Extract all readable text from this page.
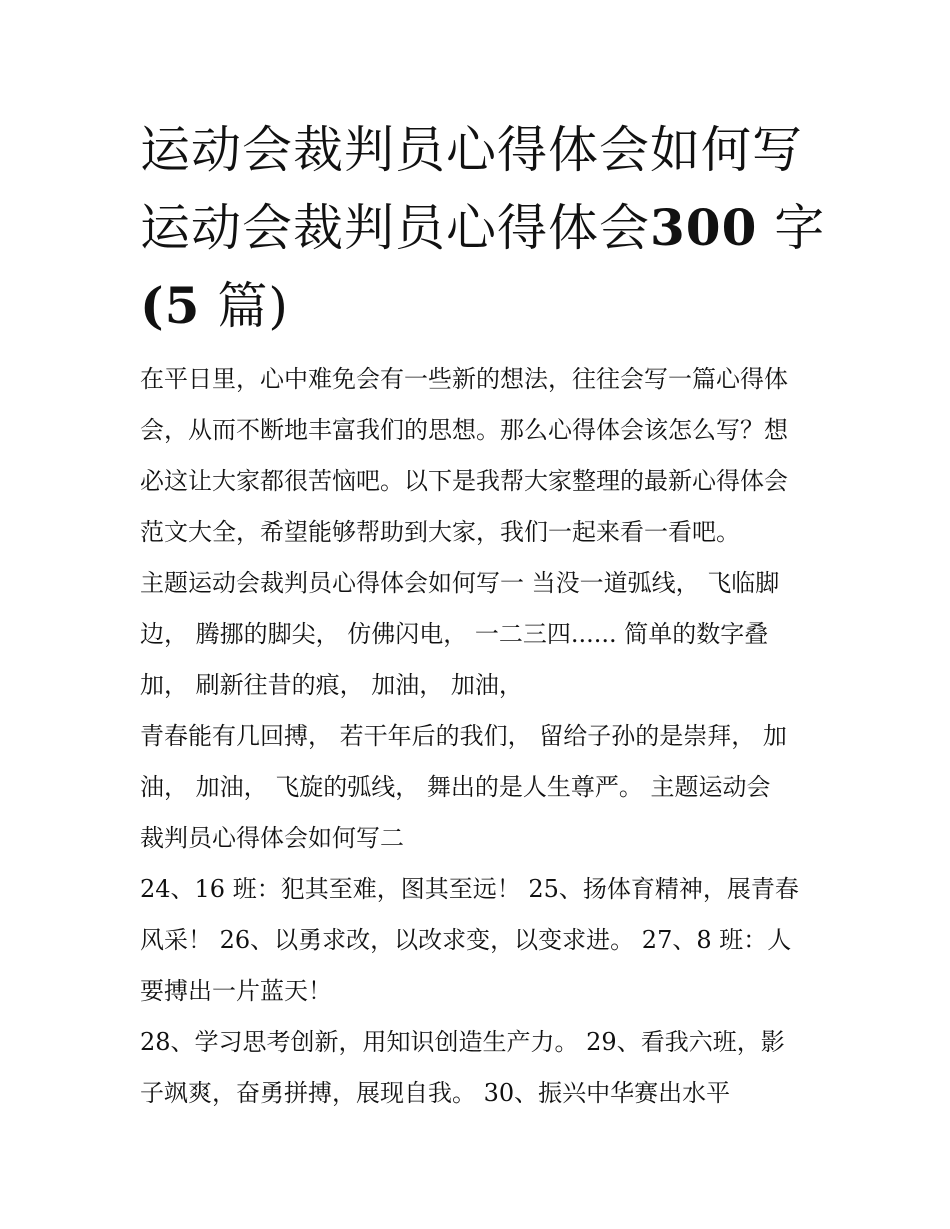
运动会裁判员心得体会如何写
运动会裁判员心得体会300 字
(5 篇)

在平日里，心中难免会有一些新的想法，往往会写一篇心得体
会，从而不断地丰富我们的思想。那么心得体会该怎么写？想
必这让大家都很苦恼吧。以下是我帮大家整理的最新心得体会
范文大全，希望能够帮助到大家，我们一起来看一看吧。

主题运动会裁判员心得体会如何写一 当没一道弧线， 飞临脚
边， 腾挪的脚尖， 仿佛闪电， 一二三四...... 简单的数字叠
加， 刷新往昔的痕， 加油， 加油，

青春能有几回搏， 若干年后的我们， 留给子孙的是崇拜， 加
油， 加油， 飞旋的弧线， 舞出的是人生尊严。 主题运动会
裁判员心得体会如何写二

24、16 班：犯其至难，图其至远！ 25、扬体育精神，展青春
风采！ 26、以勇求改，以改求变，以变求进。 27、8 班：人
要搏出一片蓝天！

28、学习思考创新，用知识创造生产力。 29、看我六班，影
子飒爽，奋勇拼搏，展现自我。 30、振兴中华赛出水平
